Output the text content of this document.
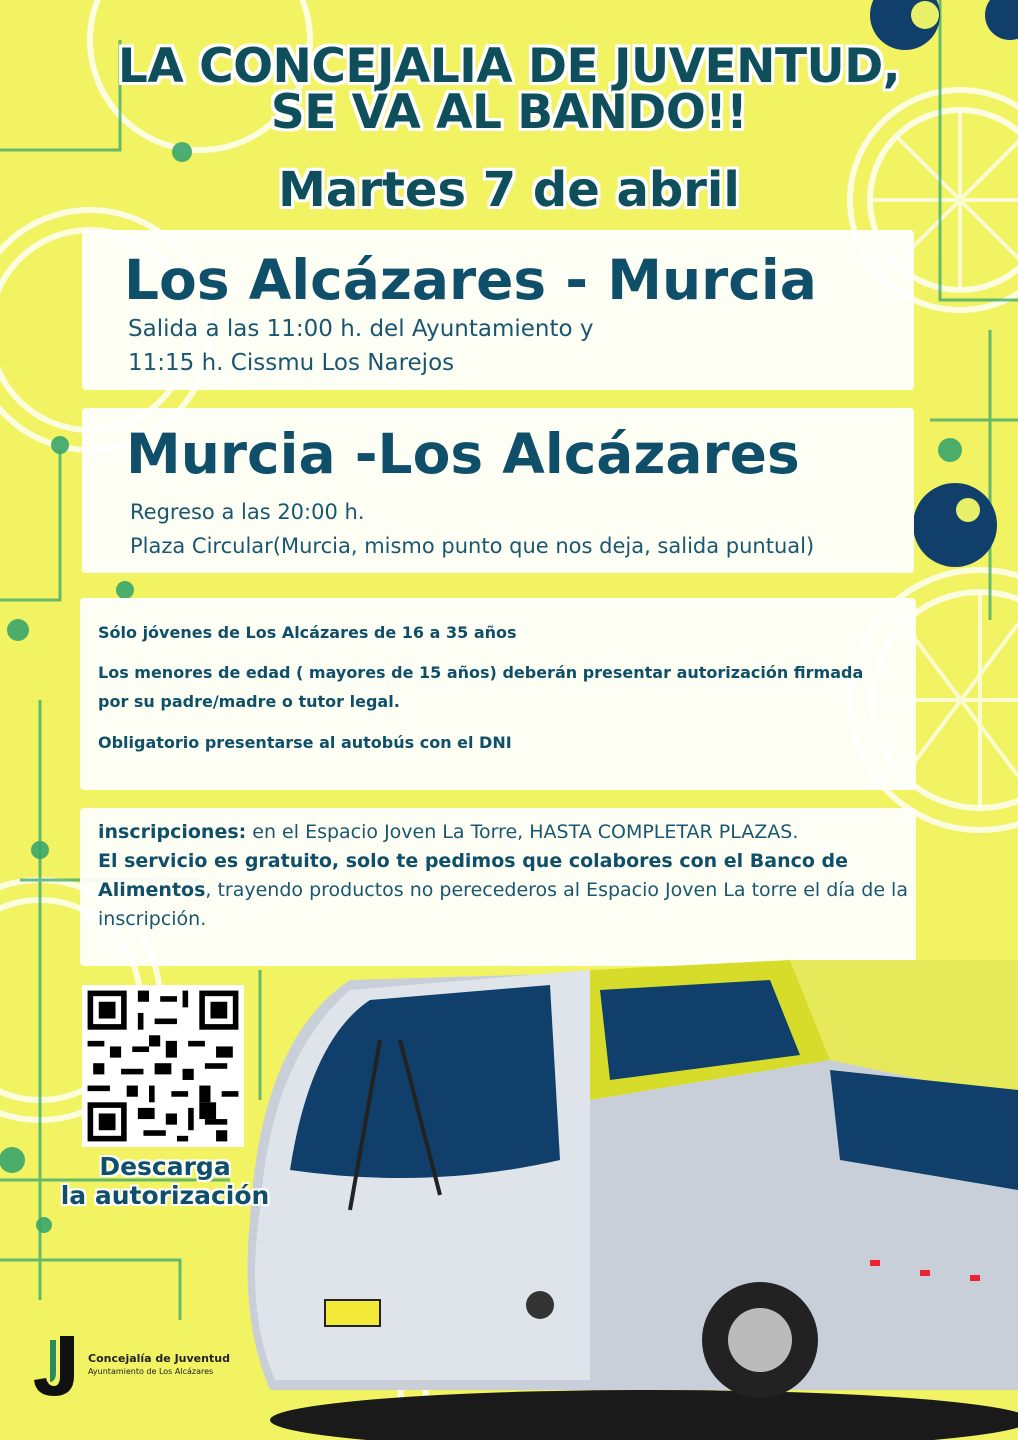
LA CONCEJALIA DE JUVENTUD,
SE VA AL BANDO!!
Martes 7 de abril
Los Alcázares - Murcia
Salida a las 11:00 h. del Ayuntamiento y
11:15 h. Cissmu Los Narejos
Murcia -Los Alcázares
Regreso a las 20:00 h.
Plaza Circular(Murcia, mismo punto que nos deja, salida puntual)
Sólo jóvenes de Los Alcázares de 16 a 35 años
Los menores de edad ( mayores de 15 años) deberán presentar autorización firmada
por su padre/madre o tutor legal.
Obligatorio presentarse al autobús con el DNI
inscripciones: en el Espacio Joven La Torre, HASTA COMPLETAR PLAZAS.
El servicio es gratuito, solo te pedimos que colabores con el Banco de Alimentos, trayendo productos no perecederos al Espacio Joven La torre el día de la inscripción.
Descarga
la autorización
Concejalía de Juventud
Ayuntamiento de Los Alcázares
